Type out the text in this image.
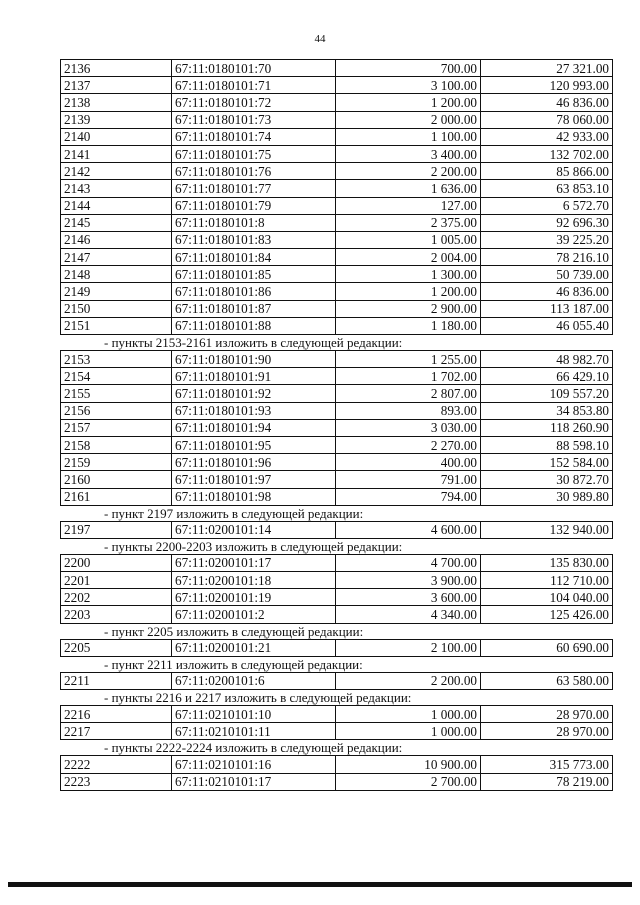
44
2136	67:11:0180101:70	700.00	27 321.00
2137	67:11:0180101:71	3 100.00	120 993.00
2138	67:11:0180101:72	1 200.00	46 836.00
2139	67:11:0180101:73	2 000.00	78 060.00
2140	67:11:0180101:74	1 100.00	42 933.00
2141	67:11:0180101:75	3 400.00	132 702.00
2142	67:11:0180101:76	2 200.00	85 866.00
2143	67:11:0180101:77	1 636.00	63 853.10
2144	67:11:0180101:79	127.00	6 572.70
2145	67:11:0180101:8	2 375.00	92 696.30
2146	67:11:0180101:83	1 005.00	39 225.20
2147	67:11:0180101:84	2 004.00	78 216.10
2148	67:11:0180101:85	1 300.00	50 739.00
2149	67:11:0180101:86	1 200.00	46 836.00
2150	67:11:0180101:87	2 900.00	113 187.00
2151	67:11:0180101:88	1 180.00	46 055.40
- пункты 2153-2161 изложить в следующей редакции:
2153	67:11:0180101:90	1 255.00	48 982.70
2154	67:11:0180101:91	1 702.00	66 429.10
2155	67:11:0180101:92	2 807.00	109 557.20
2156	67:11:0180101:93	893.00	34 853.80
2157	67:11:0180101:94	3 030.00	118 260.90
2158	67:11:0180101:95	2 270.00	88 598.10
2159	67:11:0180101:96	400.00	152 584.00
2160	67:11:0180101:97	791.00	30 872.70
2161	67:11:0180101:98	794.00	30 989.80
- пункт 2197 изложить в следующей редакции:
2197	67:11:0200101:14	4 600.00	132 940.00
- пункты 2200-2203 изложить в следующей редакции:
2200	67:11:0200101:17	4 700.00	135 830.00
2201	67:11:0200101:18	3 900.00	112 710.00
2202	67:11:0200101:19	3 600.00	104 040.00
2203	67:11:0200101:2	4 340.00	125 426.00
- пункт 2205 изложить в следующей редакции:
2205	67:11:0200101:21	2 100.00	60 690.00
- пункт 2211 изложить в следующей редакции:
2211	67:11:0200101:6	2 200.00	63 580.00
- пункты 2216 и 2217 изложить в следующей редакции:
2216	67:11:0210101:10	1 000.00	28 970.00
2217	67:11:0210101:11	1 000.00	28 970.00
- пункты 2222-2224 изложить в следующей редакции:
2222	67:11:0210101:16	10 900.00	315 773.00
2223	67:11:0210101:17	2 700.00	78 219.00
